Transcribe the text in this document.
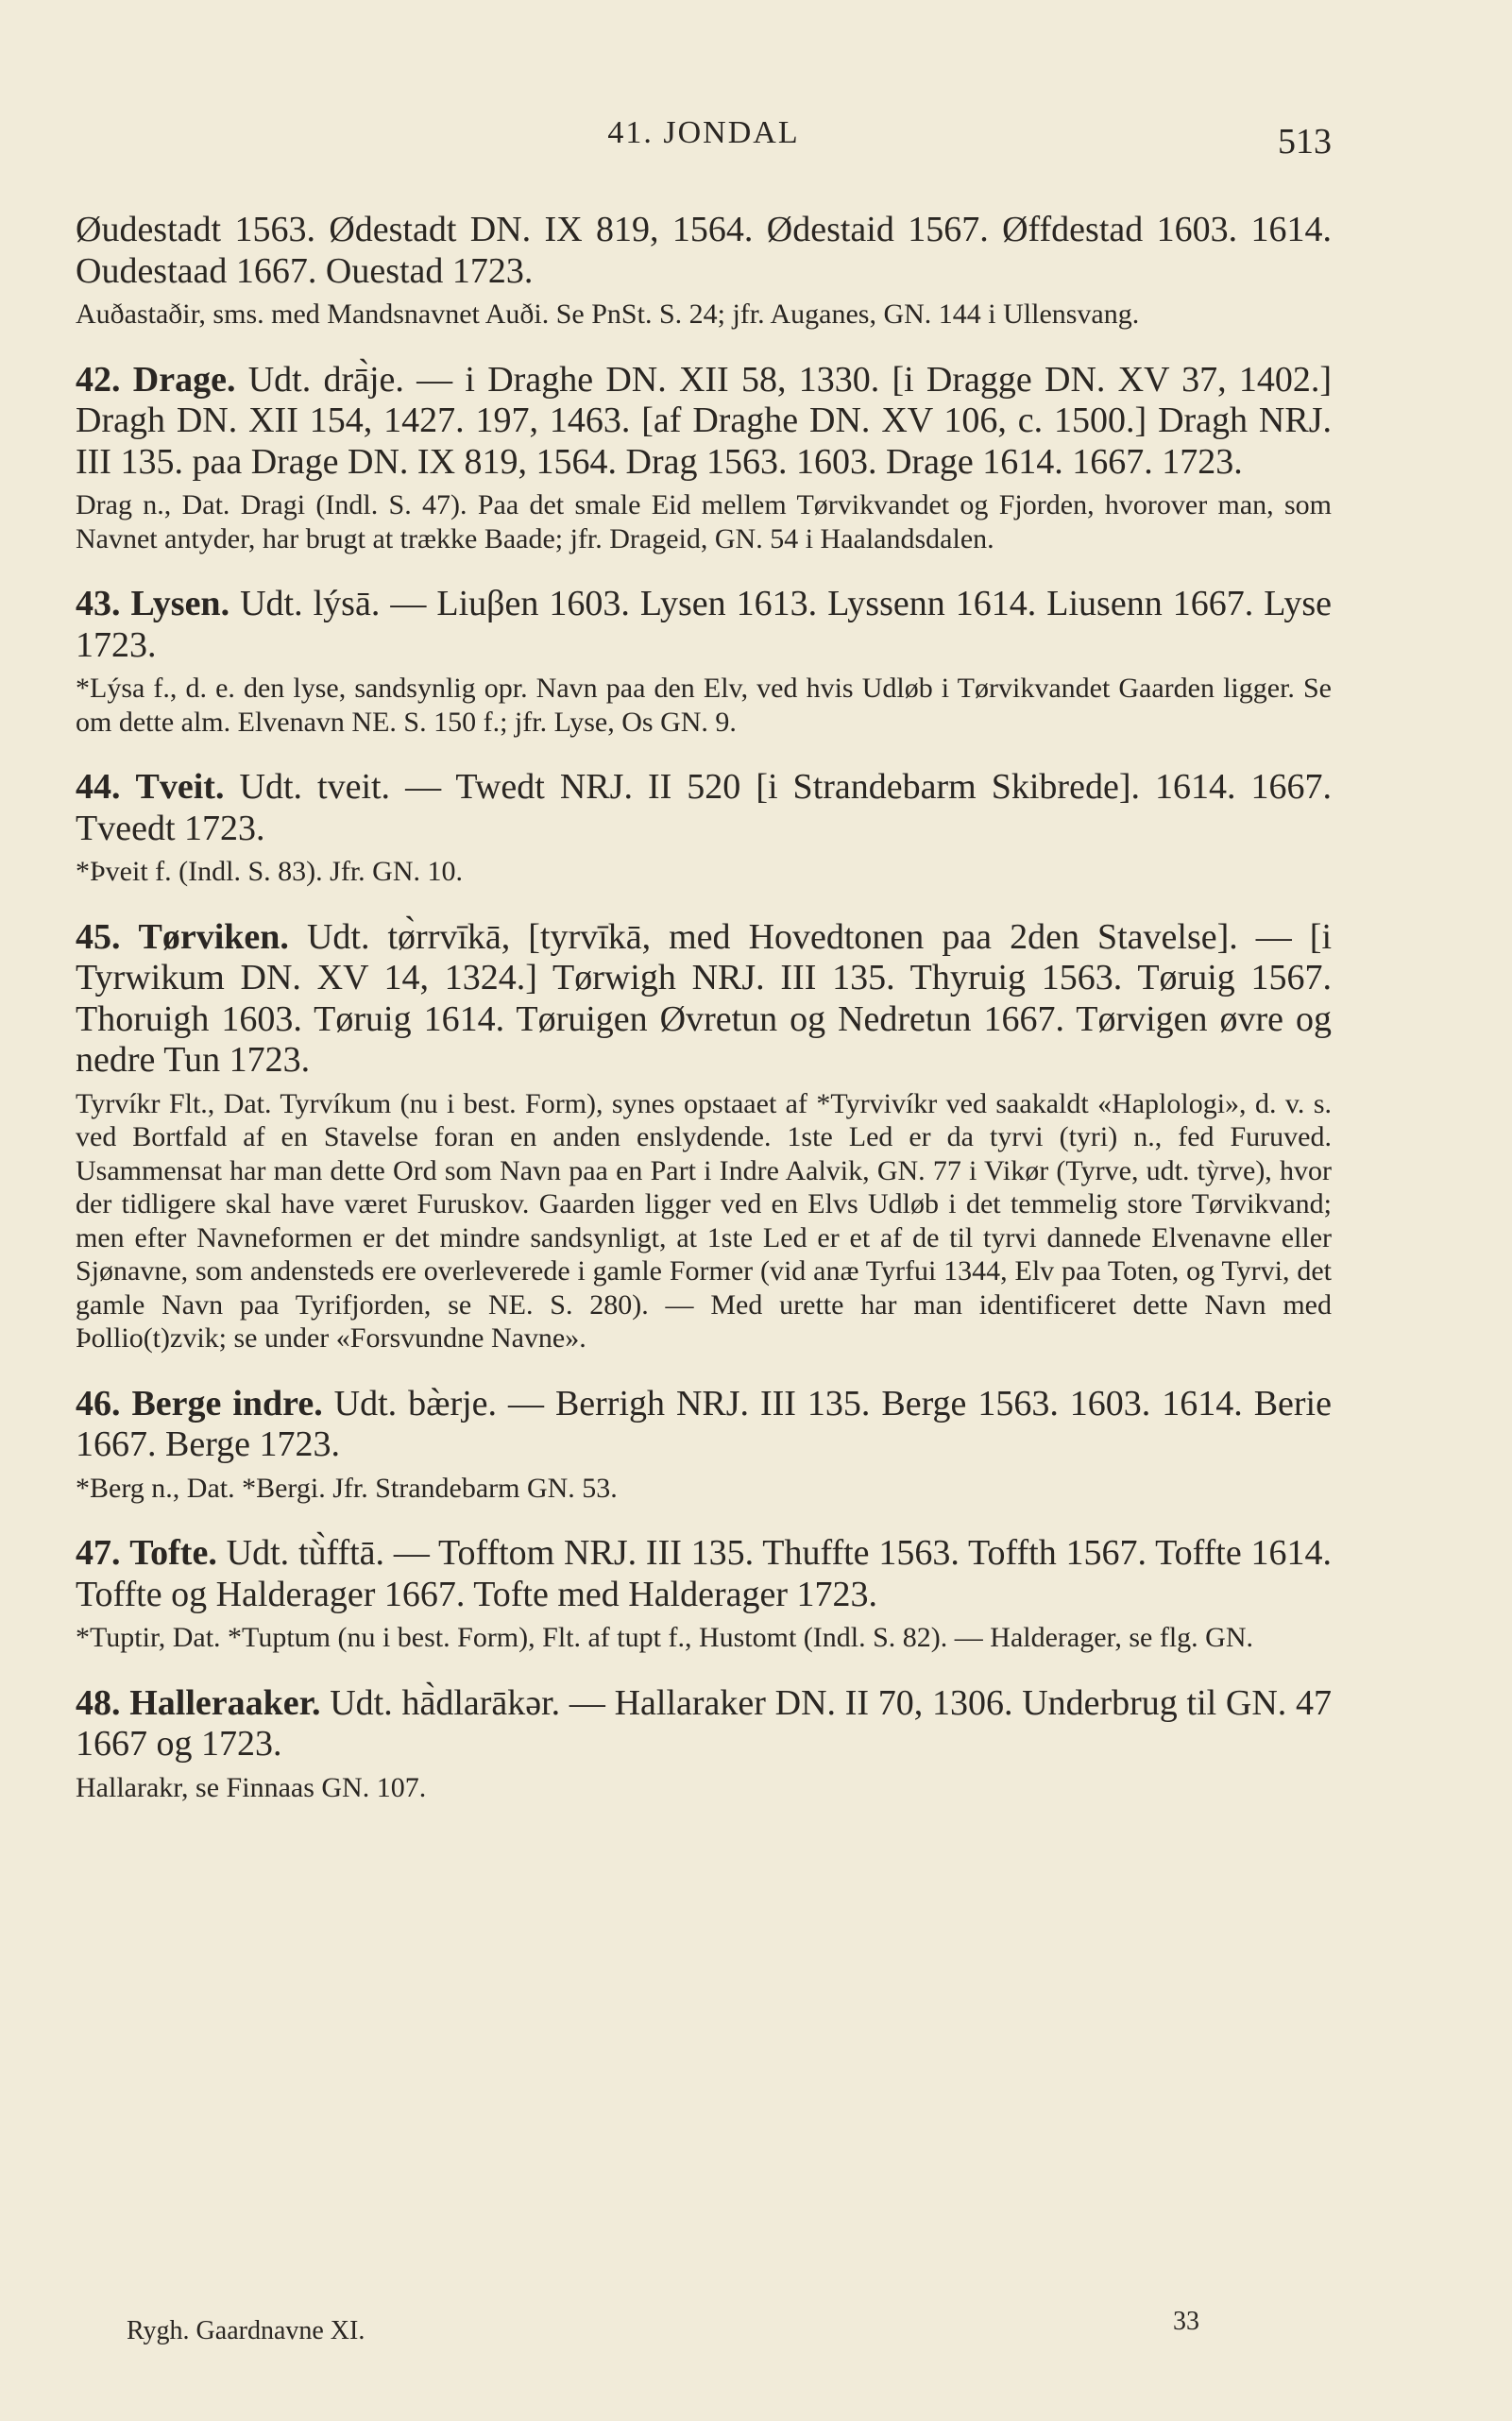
41. JONDAL	513

Øudestadt 1563. Ødestadt DN. IX 819, 1564. Ødestaid 1567. Øffdestad 1603. 1614. Oudestaad 1667. Ouestad 1723.

Auðastaðir, sms. med Mandsnavnet Auði. Se PnSt. S. 24; jfr. Auganes, GN. 144 i Ullensvang.

42. Drage. Udt. drā̀je. — i Draghe DN. XII 58, 1330. [i Dragge DN. XV 37, 1402.] Dragh DN. XII 154, 1427. 197, 1463. [af Draghe DN. XV 106, c. 1500.] Dragh NRJ. III 135. paa Drage DN. IX 819, 1564. Drag 1563. 1603. Drage 1614. 1667. 1723.

Drag n., Dat. Dragi (Indl. S. 47). Paa det smale Eid mellem Tørvikvandet og Fjorden, hvorover man, som Navnet antyder, har brugt at trække Baade; jfr. Drageid, GN. 54 i Haalandsdalen.

43. Lysen. Udt. lýsā. — Liuβen 1603. Lysen 1613. Lyssenn 1614. Liusenn 1667. Lyse 1723.

*Lýsa f., d. e. den lyse, sandsynlig opr. Navn paa den Elv, ved hvis Udløb i Tørvikvandet Gaarden ligger. Se om dette alm. Elvenavn NE. S. 150 f.; jfr. Lyse, Os GN. 9.

44. Tveit. Udt. tveit. — Twedt NRJ. II 520 [i Strandebarm Skibrede]. 1614. 1667. Tveedt 1723.

*Þveit f. (Indl. S. 83). Jfr. GN. 10.

45. Tørviken. Udt. tø̀rrvīkā, [tyrvīkā, med Hovedtonen paa 2den Stavelse]. — [i Tyrwikum DN. XV 14, 1324.] Tørwigh NRJ. III 135. Thyruig 1563. Tøruig 1567. Thoruigh 1603. Tøruig 1614. Tøruigen Øvretun og Nedretun 1667. Tørvigen øvre og nedre Tun 1723.

Tyrvíkr Flt., Dat. Tyrvíkum (nu i best. Form), synes opstaaet af *Tyrvivíkr ved saakaldt «Haplologi», d. v. s. ved Bortfald af en Stavelse foran en anden enslydende. 1ste Led er da tyrvi (tyri) n., fed Furuved. Usammensat har man dette Ord som Navn paa en Part i Indre Aalvik, GN. 77 i Vikør (Tyrve, udt. tỳrve), hvor der tidligere skal have været Furuskov. Gaarden ligger ved en Elvs Udløb i det temmelig store Tørvikvand; men efter Navneformen er det mindre sandsynligt, at 1ste Led er et af de til tyrvi dannede Elvenavne eller Sjønavne, som andensteds ere overleverede i gamle Former (vid anæ Tyrfui 1344, Elv paa Toten, og Tyrvi, det gamle Navn paa Tyrifjorden, se NE. S. 280). — Med urette har man identificeret dette Navn med Þollio(t)zvik; se under «Forsvundne Navne».

46. Berge indre. Udt. bæ̀rje. — Berrigh NRJ. III 135. Berge 1563. 1603. 1614. Berie 1667. Berge 1723.

*Berg n., Dat. *Bergi. Jfr. Strandebarm GN. 53.

47. Tofte. Udt. tù̀fftā. — Tofftom NRJ. III 135. Thuffte 1563. Toffth 1567. Toffte 1614. Toffte og Halderager 1667. Tofte med Halderager 1723.

*Tuptir, Dat. *Tuptum (nu i best. Form), Flt. af tupt f., Hustomt (Indl. S. 82). — Halderager, se flg. GN.

48. Halleraaker. Udt. hā̀dlarākər. — Hallaraker DN. II 70, 1306. Underbrug til GN. 47 1667 og 1723.

Hallarakr, se Finnaas GN. 107.

Rygh. Gaardnavne XI.	33
